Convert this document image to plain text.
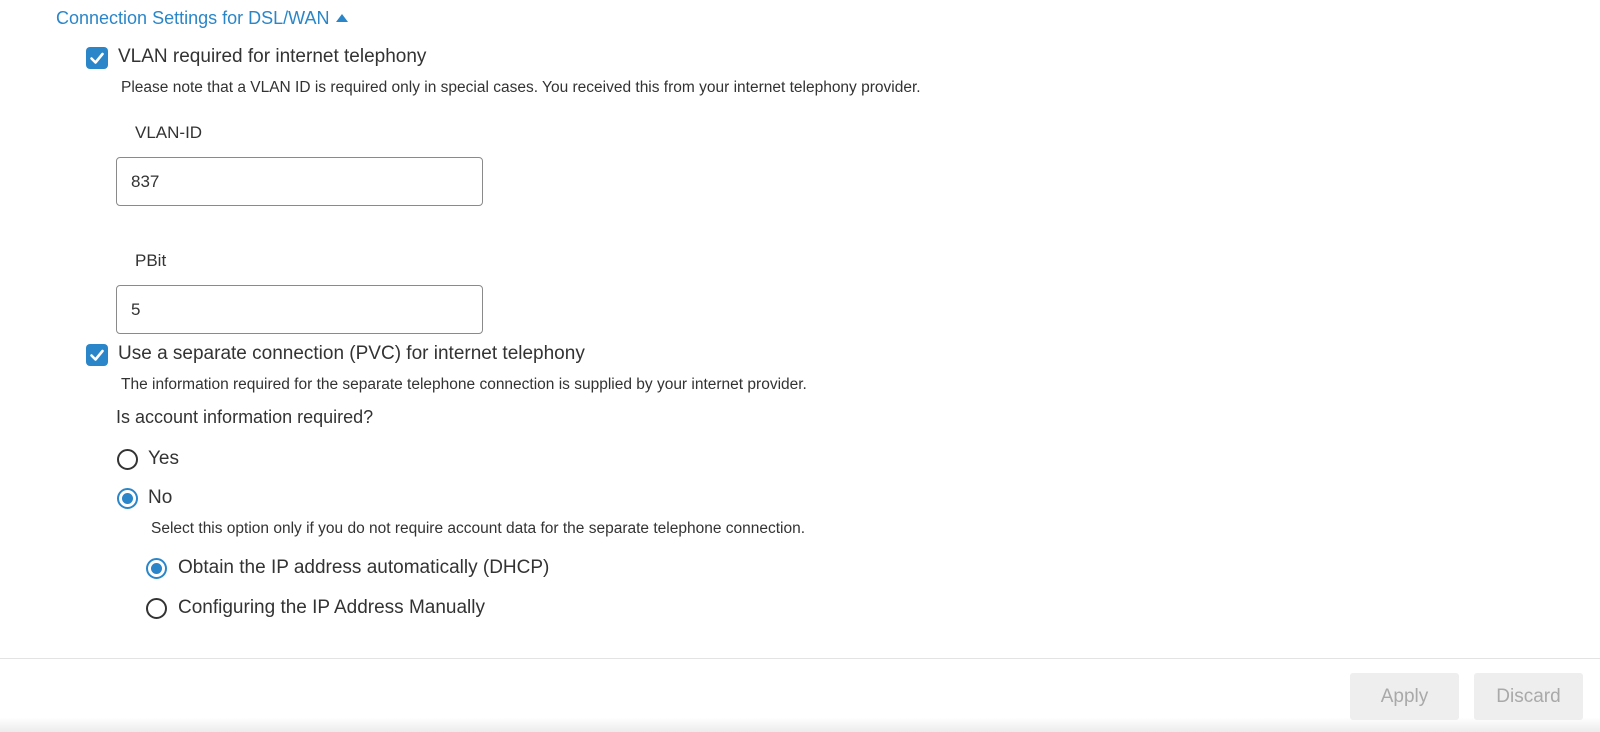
Connection Settings for DSL/WAN
VLAN required for internet telephony
Please note that a VLAN ID is required only in special cases. You received this from your internet telephony provider.
VLAN-ID
837
PBit
5
Use a separate connection (PVC) for internet telephony
The information required for the separate telephone connection is supplied by your internet provider.
Is account information required?
Yes
No
Select this option only if you do not require account data for the separate telephone connection.
Obtain the IP address automatically (DHCP)
Configuring the IP Address Manually
Apply	Discard
